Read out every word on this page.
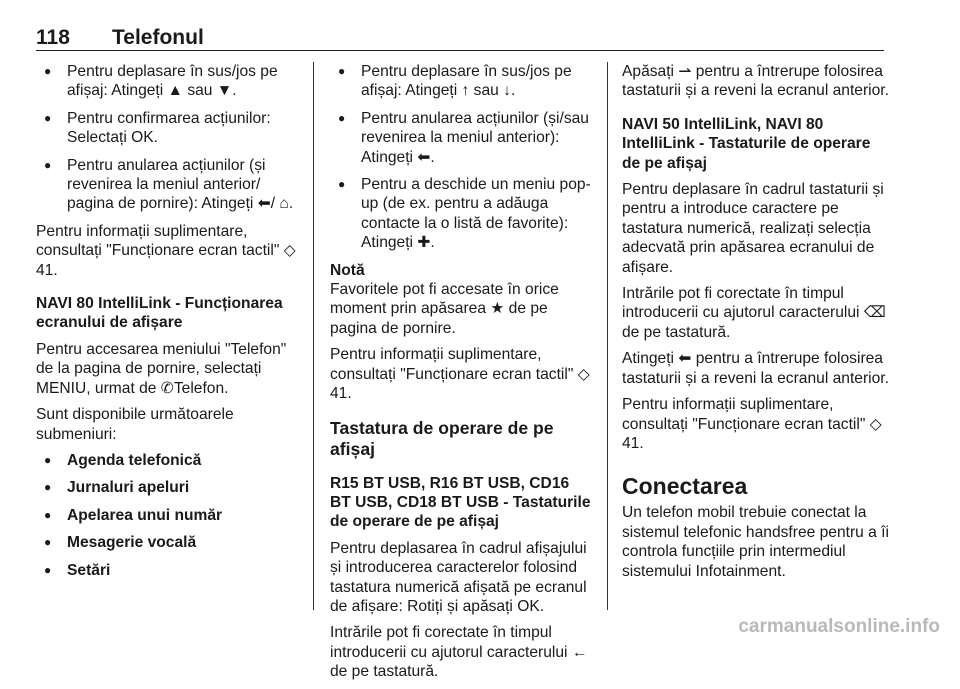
118 Telefonul
● Pentru deplasare în sus/jos pe afișaj: Atingeți ▲ sau ▼.
● Pentru confirmarea acțiunilor: Selectați OK.
● Pentru anularea acțiunilor (și revenirea la meniul anterior/ pagina de pornire): Atingeți ⬅/ ⌂.

Pentru informații suplimentare, consultați "Funcționare ecran tactil" ◇ 41.

NAVI 80 IntelliLink - Funcționarea ecranului de afișare

Pentru accesarea meniului "Telefon" de la pagina de pornire, selectați MENIU, urmat de ✆Telefon.

Sunt disponibile următoarele submeniuri:

● Agenda telefonică
● Jurnaluri apeluri
● Apelarea unui număr
● Mesagerie vocală
● Setări
● Pentru deplasare în sus/jos pe afișaj: Atingeți ↑ sau ↓.
● Pentru anularea acțiunilor (și/sau revenirea la meniul anterior): Atingeți ⬅.
● Pentru a deschide un meniu pop-up (de ex. pentru a adăuga contacte la o listă de favorite): Atingeți ✚.

Notă

Favoritele pot fi accesate în orice moment prin apăsarea ★ de pe pagina de pornire.

Pentru informații suplimentare, consultați "Funcționare ecran tactil" ◇ 41.

Tastatura de operare de pe afișaj

R15 BT USB, R16 BT USB, CD16 BT USB, CD18 BT USB - Tastaturile de operare de pe afișaj

Pentru deplasarea în cadrul afișajului și introducerea caracterelor folosind tastatura numerică afișată pe ecranul de afișare: Rotiți și apăsați OK.

Intrările pot fi corectate în timpul introducerii cu ajutorul caracterului ← de pe tastatură.

Apăsați ⇀ pentru a întrerupe folosirea tastaturii și a reveni la ecranul anterior.

NAVI 50 IntelliLink, NAVI 80 IntelliLink - Tastaturile de operare de pe afișaj

Pentru deplasare în cadrul tastaturii și pentru a introduce caractere pe tastatura numerică, realizați selecția adecvată prin apăsarea ecranului de afișare.

Intrările pot fi corectate în timpul introducerii cu ajutorul caracterului ⌫ de pe tastatură.

Atingeți ⬅ pentru a întrerupe folosirea tastaturii și a reveni la ecranul anterior.

Pentru informații suplimentare, consultați "Funcționare ecran tactil" ◇ 41.

Conectarea

Un telefon mobil trebuie conectat la sistemul telefonic handsfree pentru a îi controla funcțiile prin intermediul sistemului Infotainment.

carmanualsonline.info
